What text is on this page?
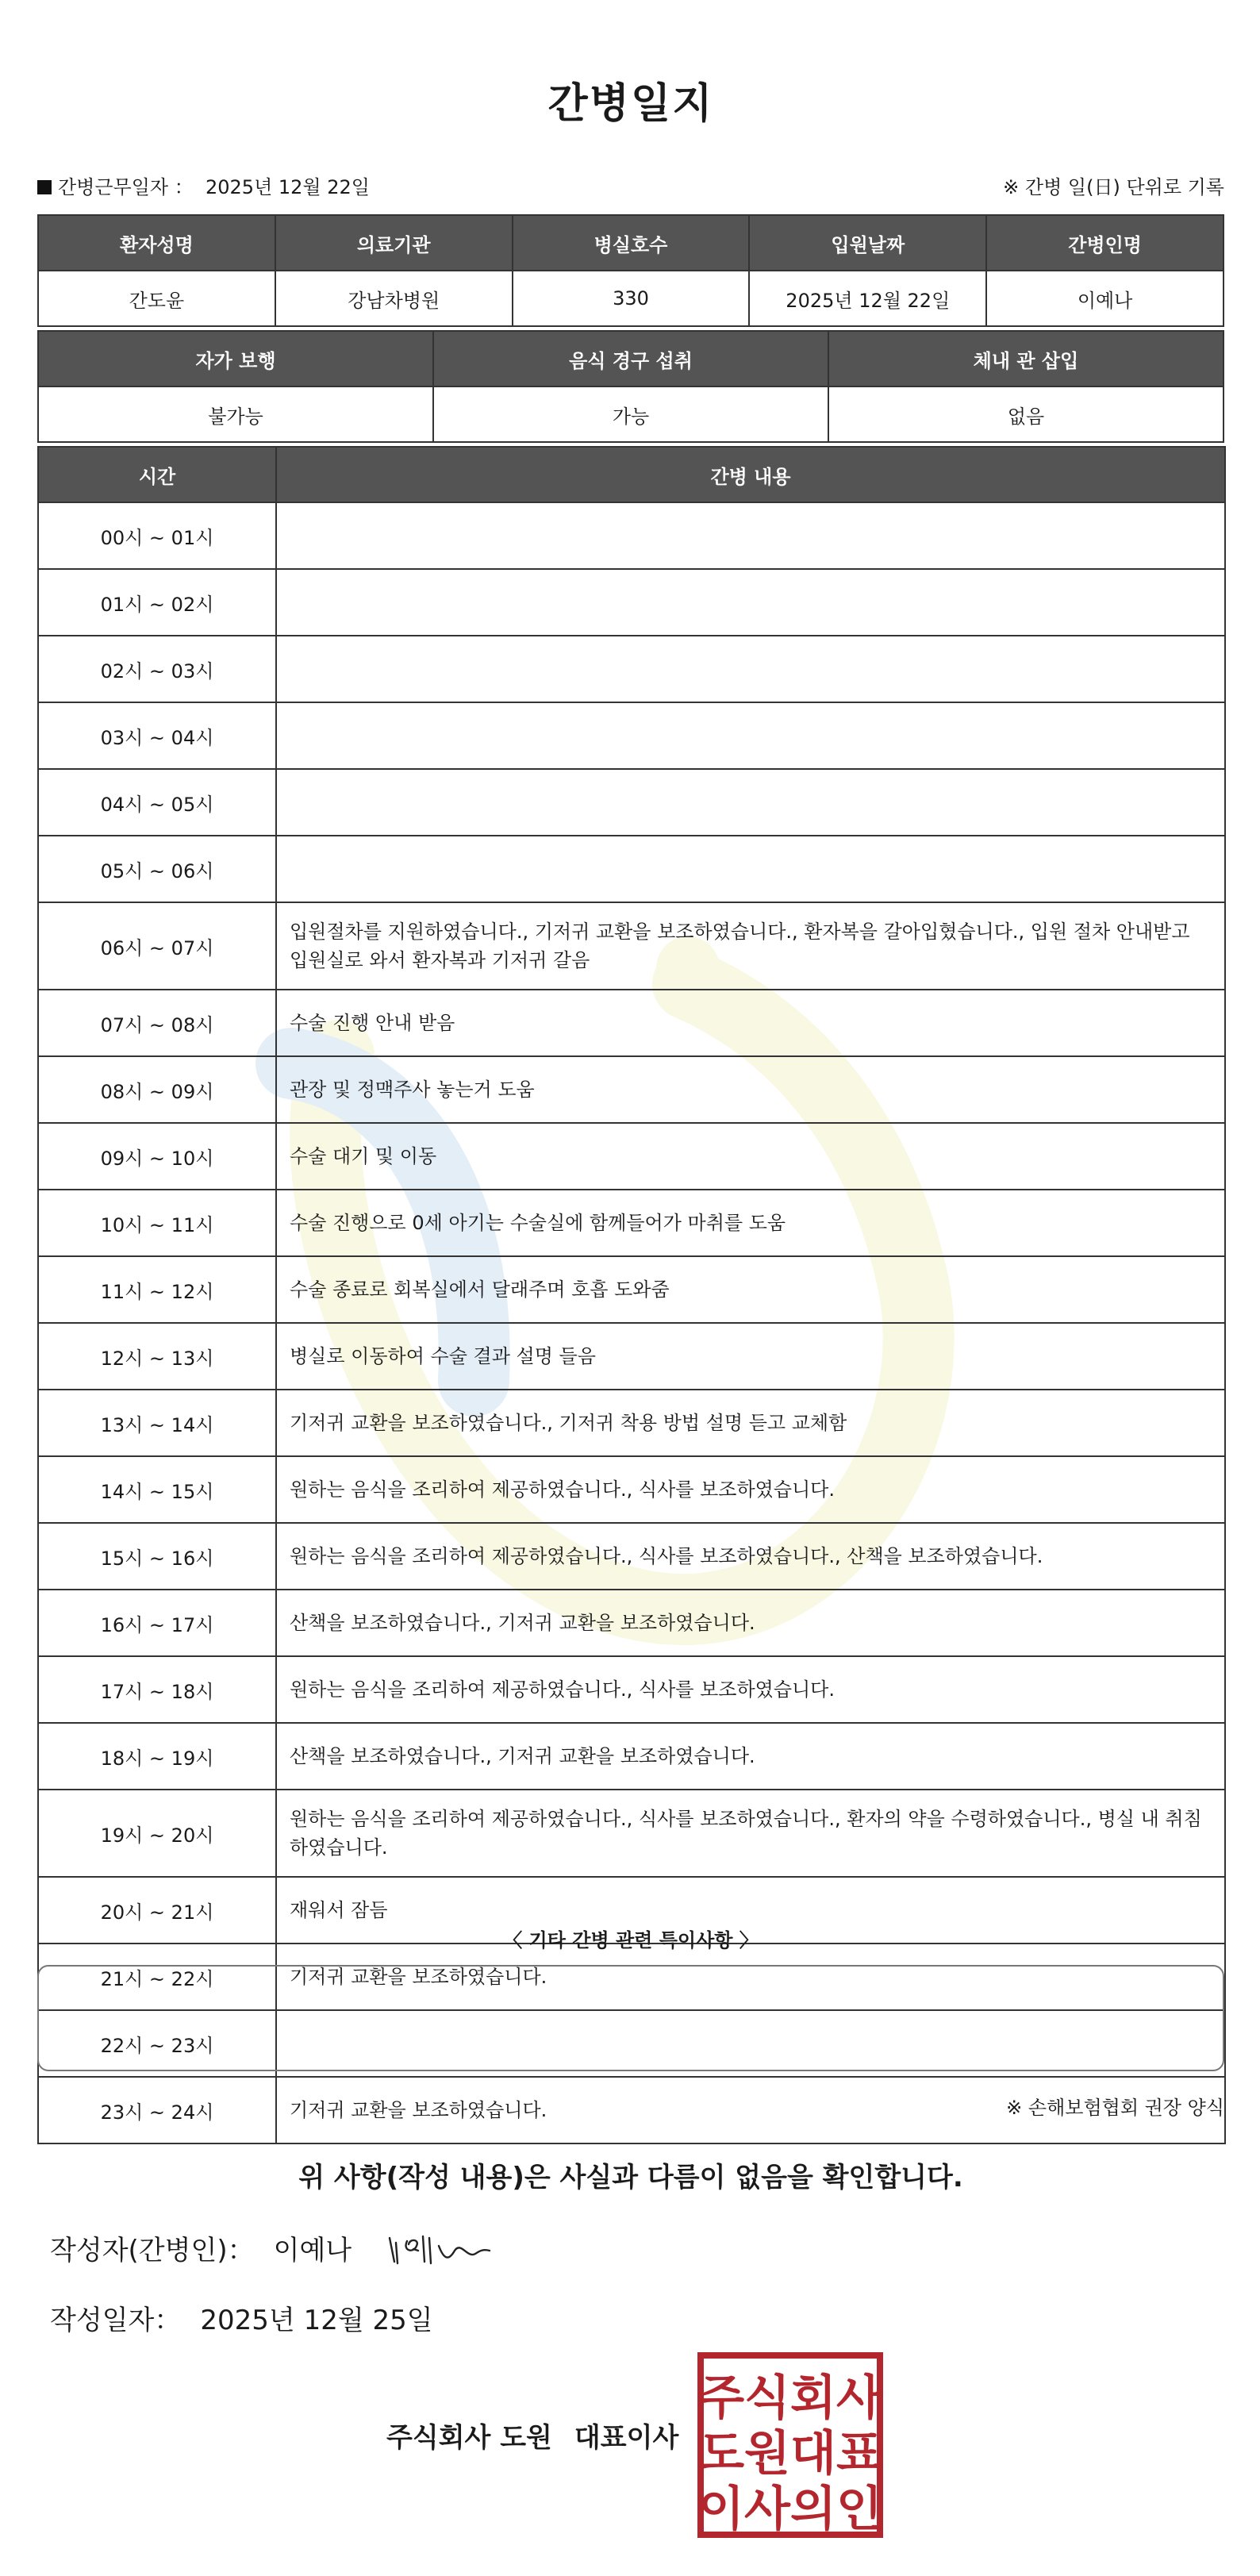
간병일지
간병근무일자 ： 2025년 12월 22일	※ 간병 일(日) 단위로 기록
환자성명	의료기관	병실호수	입원날짜	간병인명
간도윤	강남차병원	330	2025년 12월 22일	이예나
자가 보행	음식 경구 섭취	체내 관 삽입
불가능	가능	없음
시간	간병 내용
00시 ~ 01시	
01시 ~ 02시	
02시 ~ 03시	
03시 ~ 04시	
04시 ~ 05시	
05시 ~ 06시	
06시 ~ 07시	입원절차를 지원하였습니다., 기저귀 교환을 보조하였습니다., 환자복을 갈아입혔습니다., 입원 절차 안내받고 입원실로 와서 환자복과 기저귀 갈음
07시 ~ 08시	수술 진행 안내 받음
08시 ~ 09시	관장 및 정맥주사 놓는거 도움
09시 ~ 10시	수술 대기 및 이동
10시 ~ 11시	수술 진행으로 0세 아기는 수술실에 함께들어가 마취를 도움
11시 ~ 12시	수술 종료로 회복실에서 달래주며 호흡 도와줌
12시 ~ 13시	병실로 이동하여 수술 결과 설명 들음
13시 ~ 14시	기저귀 교환을 보조하였습니다., 기저귀 착용 방법 설명 듣고 교체함
14시 ~ 15시	원하는 음식을 조리하여 제공하였습니다., 식사를 보조하였습니다.
15시 ~ 16시	원하는 음식을 조리하여 제공하였습니다., 식사를 보조하였습니다., 산책을 보조하였습니다.
16시 ~ 17시	산책을 보조하였습니다., 기저귀 교환을 보조하였습니다.
17시 ~ 18시	원하는 음식을 조리하여 제공하였습니다., 식사를 보조하였습니다.
18시 ~ 19시	산책을 보조하였습니다., 기저귀 교환을 보조하였습니다.
19시 ~ 20시	원하는 음식을 조리하여 제공하였습니다., 식사를 보조하였습니다., 환자의 약을 수령하였습니다., 병실 내 취침하였습니다.
20시 ~ 21시	재워서 잠듬
21시 ~ 22시	기저귀 교환을 보조하였습니다.
22시 ~ 23시	
23시 ~ 24시	기저귀 교환을 보조하였습니다.
〈 기타 간병 관련 특이사항 〉
※ 손해보험협회 권장 양식
위 사항(작성 내용)은 사실과 다름이 없음을 확인합니다.
작성자(간병인)： 이예나
작성일자： 2025년 12월 25일
주식회사 도원 대표이사
주식회사
도원대표
이사의인
